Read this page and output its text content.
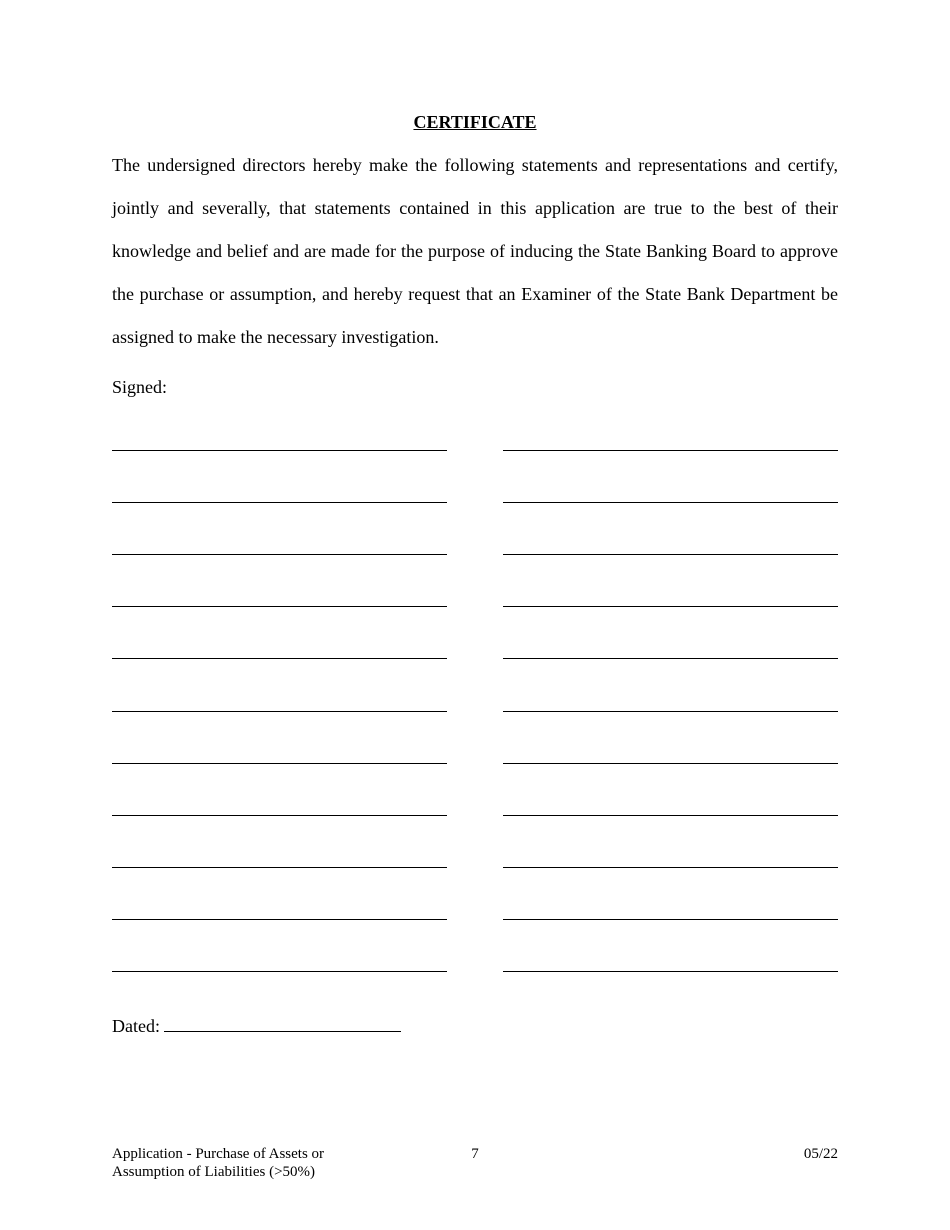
CERTIFICATE

The undersigned directors hereby make the following statements and representations and certify, jointly and severally, that statements contained in this application are true to the best of their knowledge and belief and are made for the purpose of inducing the State Banking Board to approve the purchase or assumption, and hereby request that an Examiner of the State Bank Department be assigned to make the necessary investigation.

Signed:
Dated:
Application - Purchase of Assets or
Assumption of Liabilities (>50%)
7	05/22
